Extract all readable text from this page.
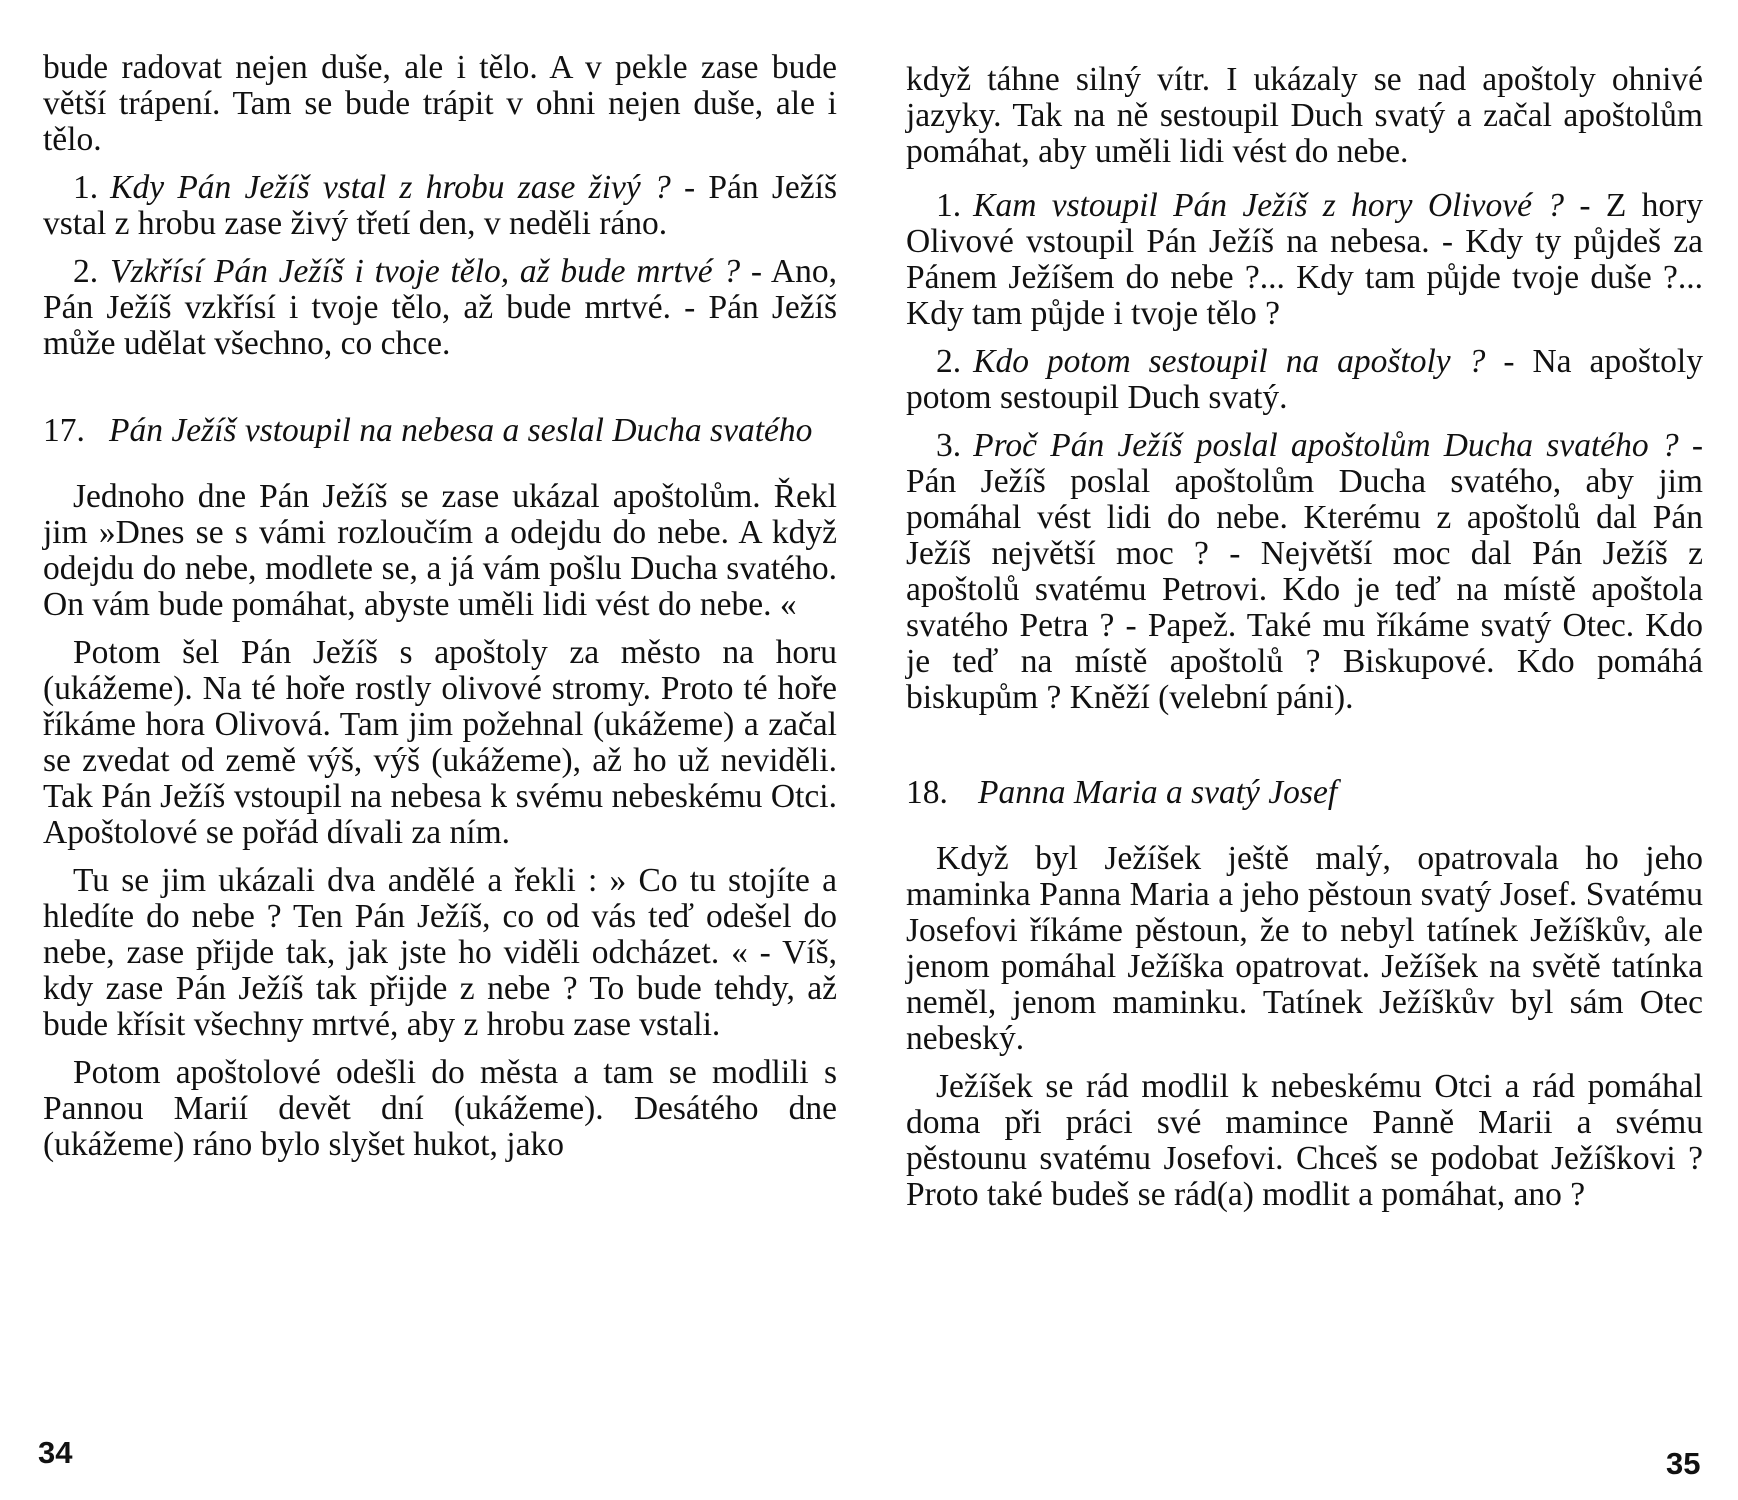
bude radovat nejen duše, ale i tělo. A v pekle zase bude větší trápení. Tam se bude trápit v ohni nejen duše, ale i tělo.

1. Kdy Pán Ježíš vstal z hrobu zase živý ? - Pán Ježíš vstal z hrobu zase živý třetí den, v neděli ráno.

2. Vzkřísí Pán Ježíš i tvoje tělo, až bude mrtvé ? - Ano, Pán Ježíš vzkřísí i tvoje tělo, až bude mrtvé. - Pán Ježíš může udělat všechno, co chce.

17. Pán Ježíš vstoupil na nebesa a seslal Ducha svatého

Jednoho dne Pán Ježíš se zase ukázal apoštolům. Řekl jim »Dnes se s vámi rozloučím a odejdu do nebe. A když odejdu do nebe, modlete se, a já vám pošlu Ducha svatého. On vám bude pomáhat, abyste uměli lidi vést do nebe. «

Potom šel Pán Ježíš s apoštoly za město na horu (ukážeme). Na té hoře rostly olivové stromy. Proto té hoře říkáme hora Olivová. Tam jim požehnal (ukážeme) a začal se zvedat od země výš, výš (ukážeme), až ho už neviděli. Tak Pán Ježíš vstoupil na nebesa k svému nebeskému Otci. Apoštolové se pořád dívali za ním.

Tu se jim ukázali dva andělé a řekli : » Co tu stojíte a hledíte do nebe ? Ten Pán Ježíš, co od vás teď odešel do nebe, zase přijde tak, jak jste ho viděli odcházet. « - Víš, kdy zase Pán Ježíš tak přijde z nebe ? To bude tehdy, až bude křísit všechny mrtvé, aby z hrobu zase vstali.

Potom apoštolové odešli do města a tam se modlili s Pannou Marií devět dní (ukážeme). Desátého dne (ukážeme) ráno bylo slyšet hukot, jako

34

když táhne silný vítr. I ukázaly se nad apoštoly ohnivé jazyky. Tak na ně sestoupil Duch svatý a začal apoštolům pomáhat, aby uměli lidi vést do nebe.

1. Kam vstoupil Pán Ježíš z hory Olivové ? - Z hory Olivové vstoupil Pán Ježíš na nebesa. - Kdy ty půjdeš za Pánem Ježíšem do nebe ?... Kdy tam půjde tvoje duše ?... Kdy tam půjde i tvoje tělo ?

2. Kdo potom sestoupil na apoštoly ? - Na apoštoly potom sestoupil Duch svatý.

3. Proč Pán Ježíš poslal apoštolům Ducha svatého ? - Pán Ježíš poslal apoštolům Ducha svatého, aby jim pomáhal vést lidi do nebe. Kterému z apoštolů dal Pán Ježíš největší moc ? - Největší moc dal Pán Ježíš z apoštolů svatému Petrovi. Kdo je teď na místě apoštola svatého Petra ? - Papež. Také mu říkáme svatý Otec. Kdo je teď na místě apoštolů ? Biskupové. Kdo pomáhá biskupům ? Kněží (velební páni).

18. Panna Maria a svatý Josef

Když byl Ježíšek ještě malý, opatrovala ho jeho maminka Panna Maria a jeho pěstoun svatý Josef. Svatému Josefovi říkáme pěstoun, že to nebyl tatínek Ježíškův, ale jenom pomáhal Ježíška opatrovat. Ježíšek na světě tatínka neměl, jenom maminku. Tatínek Ježíškův byl sám Otec nebeský.

Ježíšek se rád modlil k nebeskému Otci a rád pomáhal doma při práci své mamince Panně Marii a svému pěstounu svatému Josefovi. Chceš se podobat Ježíškovi ? Proto také budeš se rád(a) modlit a pomáhat, ano ?

35
